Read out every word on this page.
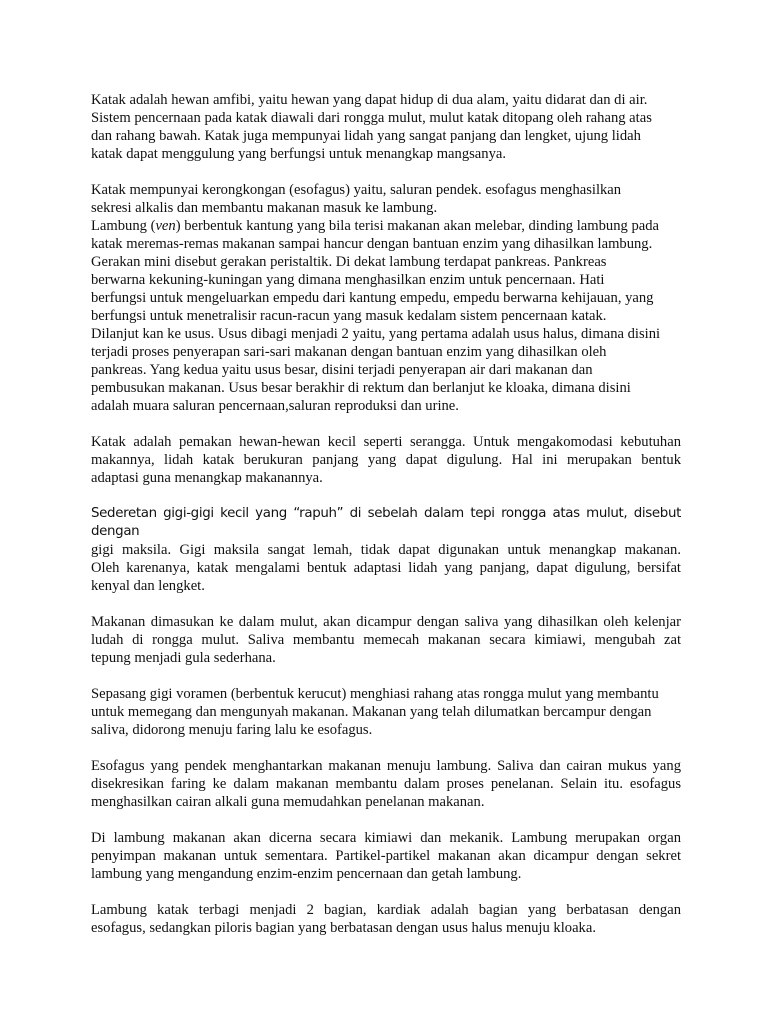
Katak adalah hewan amfibi, yaitu hewan yang dapat hidup di dua alam, yaitu didarat dan di air.
Sistem pencernaan pada katak diawali dari rongga mulut, mulut katak ditopang oleh rahang atas
dan rahang bawah. Katak juga mempunyai lidah yang sangat panjang dan lengket, ujung lidah
katak dapat menggulung yang berfungsi untuk menangkap mangsanya.

Katak mempunyai kerongkongan (esofagus) yaitu, saluran pendek. esofagus menghasilkan
sekresi alkalis dan membantu makanan masuk ke lambung.
Lambung (ven) berbentuk kantung yang bila terisi makanan akan melebar, dinding lambung pada
katak meremas-remas makanan sampai hancur dengan bantuan enzim yang dihasilkan lambung.
Gerakan mini disebut gerakan peristaltik. Di dekat lambung terdapat pankreas. Pankreas
berwarna kekuning-kuningan yang dimana menghasilkan enzim untuk pencernaan. Hati
berfungsi untuk mengeluarkan empedu dari kantung empedu, empedu berwarna kehijauan, yang
berfungsi untuk menetralisir racun-racun yang masuk kedalam sistem pencernaan katak.
Dilanjut kan ke usus. Usus dibagi menjadi 2 yaitu, yang pertama adalah usus halus, dimana disini
terjadi proses penyerapan sari-sari makanan dengan bantuan enzim yang dihasilkan oleh
pankreas. Yang kedua yaitu usus besar, disini terjadi penyerapan air dari makanan dan
pembusukan makanan. Usus besar berakhir di rektum dan berlanjut ke kloaka, dimana disini
adalah muara saluran pencernaan,saluran reproduksi dan urine.

Katak adalah pemakan hewan-hewan kecil seperti serangga. Untuk mengakomodasi kebutuhan
makannya, lidah katak berukuran panjang yang dapat digulung. Hal ini merupakan bentuk
adaptasi guna menangkap makanannya.

Sederetan gigi-gigi kecil yang “rapuh” di sebelah dalam tepi rongga atas mulut, disebut dengan
gigi maksila. Gigi maksila sangat lemah, tidak dapat digunakan untuk menangkap makanan.
Oleh karenanya, katak mengalami bentuk adaptasi lidah yang panjang, dapat digulung, bersifat
kenyal dan lengket.

Makanan dimasukan ke dalam mulut, akan dicampur dengan saliva yang dihasilkan oleh kelenjar
ludah di rongga mulut. Saliva membantu memecah makanan secara kimiawi, mengubah zat
tepung menjadi gula sederhana.

Sepasang gigi voramen (berbentuk kerucut) menghiasi rahang atas rongga mulut yang membantu
untuk memegang dan mengunyah makanan. Makanan yang telah dilumatkan bercampur dengan
saliva, didorong menuju faring lalu ke esofagus.

Esofagus yang pendek menghantarkan makanan menuju lambung. Saliva dan cairan mukus yang
disekresikan faring ke dalam makanan membantu dalam proses penelanan. Selain itu. esofagus
menghasilkan cairan alkali guna memudahkan penelanan makanan.

Di lambung makanan akan dicerna secara kimiawi dan mekanik. Lambung merupakan organ
penyimpan makanan untuk sementara. Partikel-partikel makanan akan dicampur dengan sekret
lambung yang mengandung enzim-enzim pencernaan dan getah lambung.

Lambung katak terbagi menjadi 2 bagian, kardiak adalah bagian yang berbatasan dengan
esofagus, sedangkan piloris bagian yang berbatasan dengan usus halus menuju kloaka.
